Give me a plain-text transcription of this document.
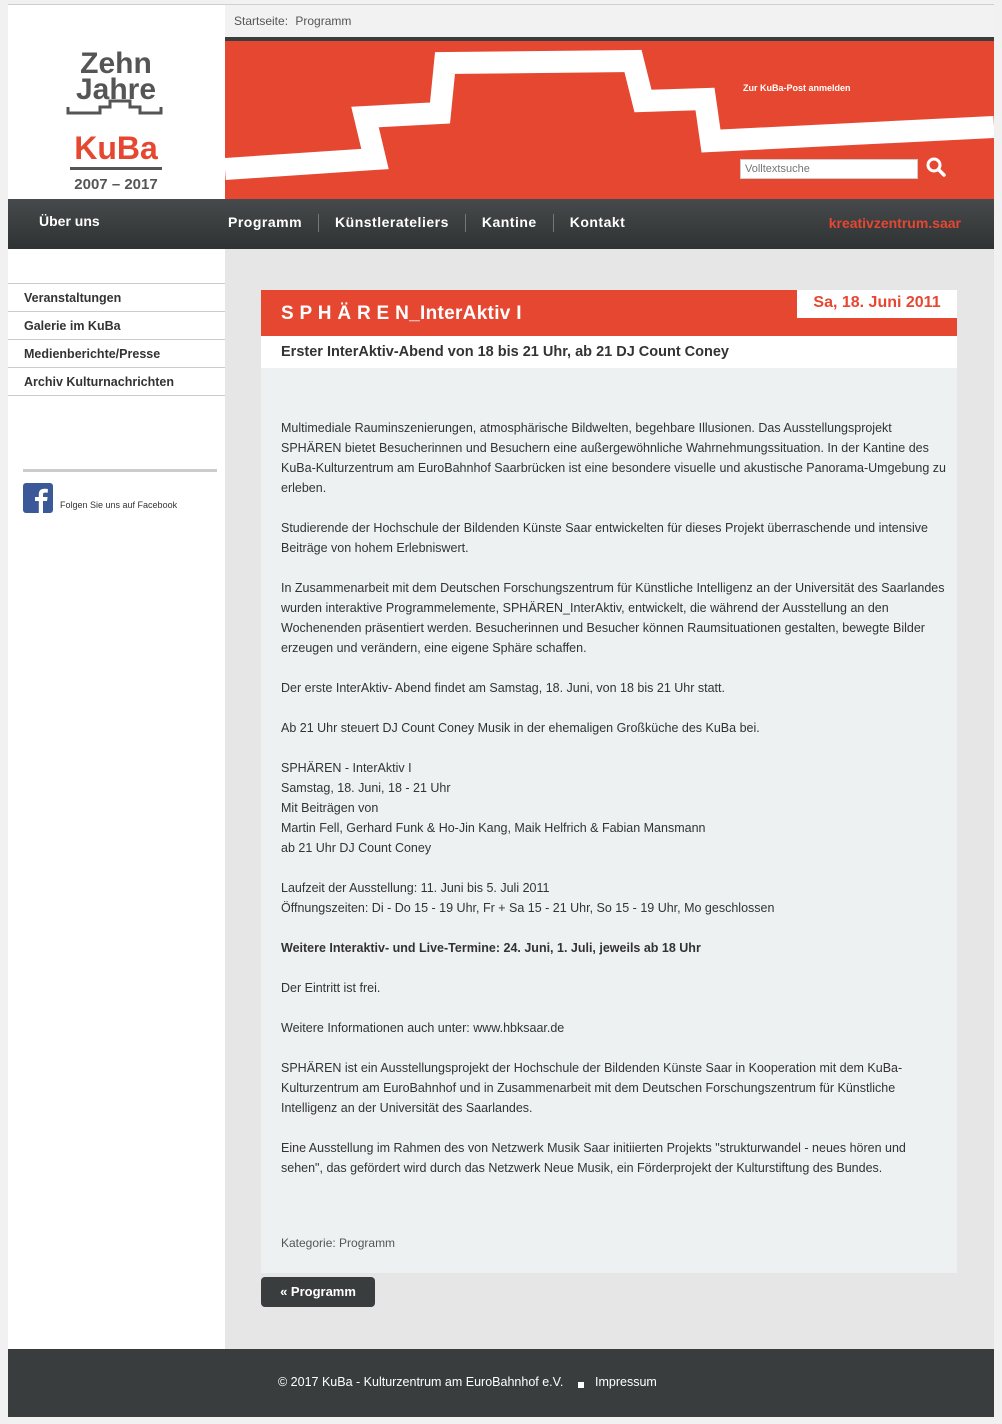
Startseite: Programm
Zehn
Jahre
KuBa
2007 – 2017
Zur KuBa-Post anmelden
Volltextsuche
Über uns	Programm Künstlerateliers Kantine Kontakt	kreativzentrum.saar
Veranstaltungen
Galerie im KuBa
Medienberichte/Presse
Archiv Kulturnachrichten
Folgen Sie uns auf Facebook
S P H Ä R E N_InterAktiv I
Sa, 18. Juni 2011
Erster InterAktiv-Abend von 18 bis 21 Uhr, ab 21 DJ Count Coney

Multimediale Rauminszenierungen, atmosphärische Bildwelten, begehbare Illusionen. Das Ausstellungsprojekt SPHÄREN bietet Besucherinnen und Besuchern eine außergewöhnliche Wahrnehmungssituation. In der Kantine des KuBa-Kulturzentrum am EuroBahnhof Saarbrücken ist eine besondere visuelle und akustische Panorama-Umgebung zu erleben.

Studierende der Hochschule der Bildenden Künste Saar entwickelten für dieses Projekt überraschende und intensive Beiträge von hohem Erlebniswert.

In Zusammenarbeit mit dem Deutschen Forschungszentrum für Künstliche Intelligenz an der Universität des Saarlandes wurden interaktive Programmelemente, SPHÄREN_InterAktiv, entwickelt, die während der Ausstellung an den Wochenenden präsentiert werden. Besucherinnen und Besucher können Raumsituationen gestalten, bewegte Bilder erzeugen und verändern, eine eigene Sphäre schaffen.

Der erste InterAktiv- Abend findet am Samstag, 18. Juni, von 18 bis 21 Uhr statt.

Ab 21 Uhr steuert DJ Count Coney Musik in der ehemaligen Großküche des KuBa bei.

SPHÄREN - InterAktiv I

Samstag, 18. Juni, 18 - 21 Uhr

Mit Beiträgen von

Martin Fell, Gerhard Funk & Ho-Jin Kang, Maik Helfrich & Fabian Mansmann

ab 21 Uhr DJ Count Coney

Laufzeit der Ausstellung: 11. Juni bis 5. Juli 2011

Öffnungszeiten: Di - Do 15 - 19 Uhr, Fr + Sa 15 - 21 Uhr, So 15 - 19 Uhr, Mo geschlossen

Weitere Interaktiv- und Live-Termine: 24. Juni, 1. Juli, jeweils ab 18 Uhr

Der Eintritt ist frei.

Weitere Informationen auch unter: www.hbksaar.de

SPHÄREN ist ein Ausstellungsprojekt der Hochschule der Bildenden Künste Saar in Kooperation mit dem KuBa-Kulturzentrum am EuroBahnhof und in Zusammenarbeit mit dem Deutschen Forschungszentrum für Künstliche Intelligenz an der Universität des Saarlandes.

Eine Ausstellung im Rahmen des von Netzwerk Musik Saar initiierten Projekts "strukturwandel - neues hören und sehen", das gefördert wird durch das Netzwerk Neue Musik, ein Förderprojekt der Kulturstiftung des Bundes.

Kategorie: Programm
« Programm
© 2017 KuBa - Kulturzentrum am EuroBahnhof e.V.	Impressum
